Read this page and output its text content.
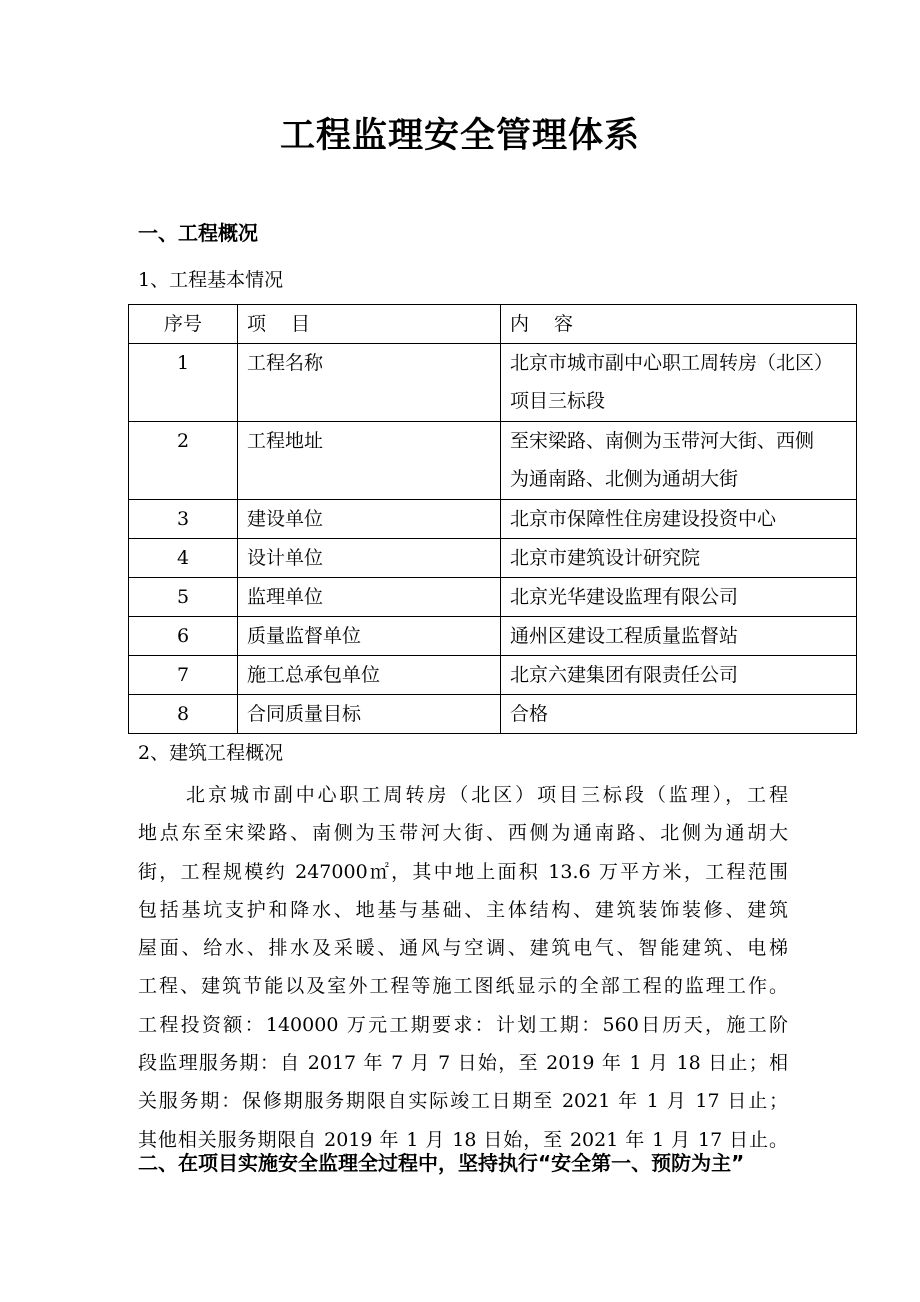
工程监理安全管理体系
一、工程概况
1、工程基本情况
序号	项　 目	内　 容
1	工程名称	北京市城市副中心职工周转房（北区）
项目三标段

2	工程地址	至宋梁路、南侧为玉带河大街、西侧
为通南路、北侧为通胡大街

3	建设单位	北京市保障性住房建设投资中心
4	设计单位	北京市建筑设计研究院
5	监理单位	北京光华建设监理有限公司
6	质量监督单位	通州区建设工程质量监督站
7	施工总承包单位	北京六建集团有限责任公司
8	合同质量目标	合格
2、建筑工程概况
北京城市副中心职工周转房（北区）项目三标段（监理），工程
地点东至宋梁路、南侧为玉带河大街、西侧为通南路、北侧为通胡大
街，工程规模约 247000㎡，其中地上面积 13.6 万平方米，工程范围
包括基坑支护和降水、地基与基础、主体结构、建筑装饰装修、建筑
屋面、给水、排水及采暖、通风与空调、建筑电气、智能建筑、电梯
工程、建筑节能以及室外工程等施工图纸显示的全部工程的监理工作。
工程投资额：140000 万元工期要求：计划工期：560日历天，施工阶
段监理服务期：自 2017 年 7 月 7 日始，至 2019 年 1 月 18 日止；相
关服务期：保修期服务期限自实际竣工日期至 2021 年 1 月 17 日止；
其他相关服务期限自 2019 年 1 月 18 日始，至 2021 年 1 月 17 日止。
二、在项目实施安全监理全过程中，坚持执行“安全第一、预防为主”
